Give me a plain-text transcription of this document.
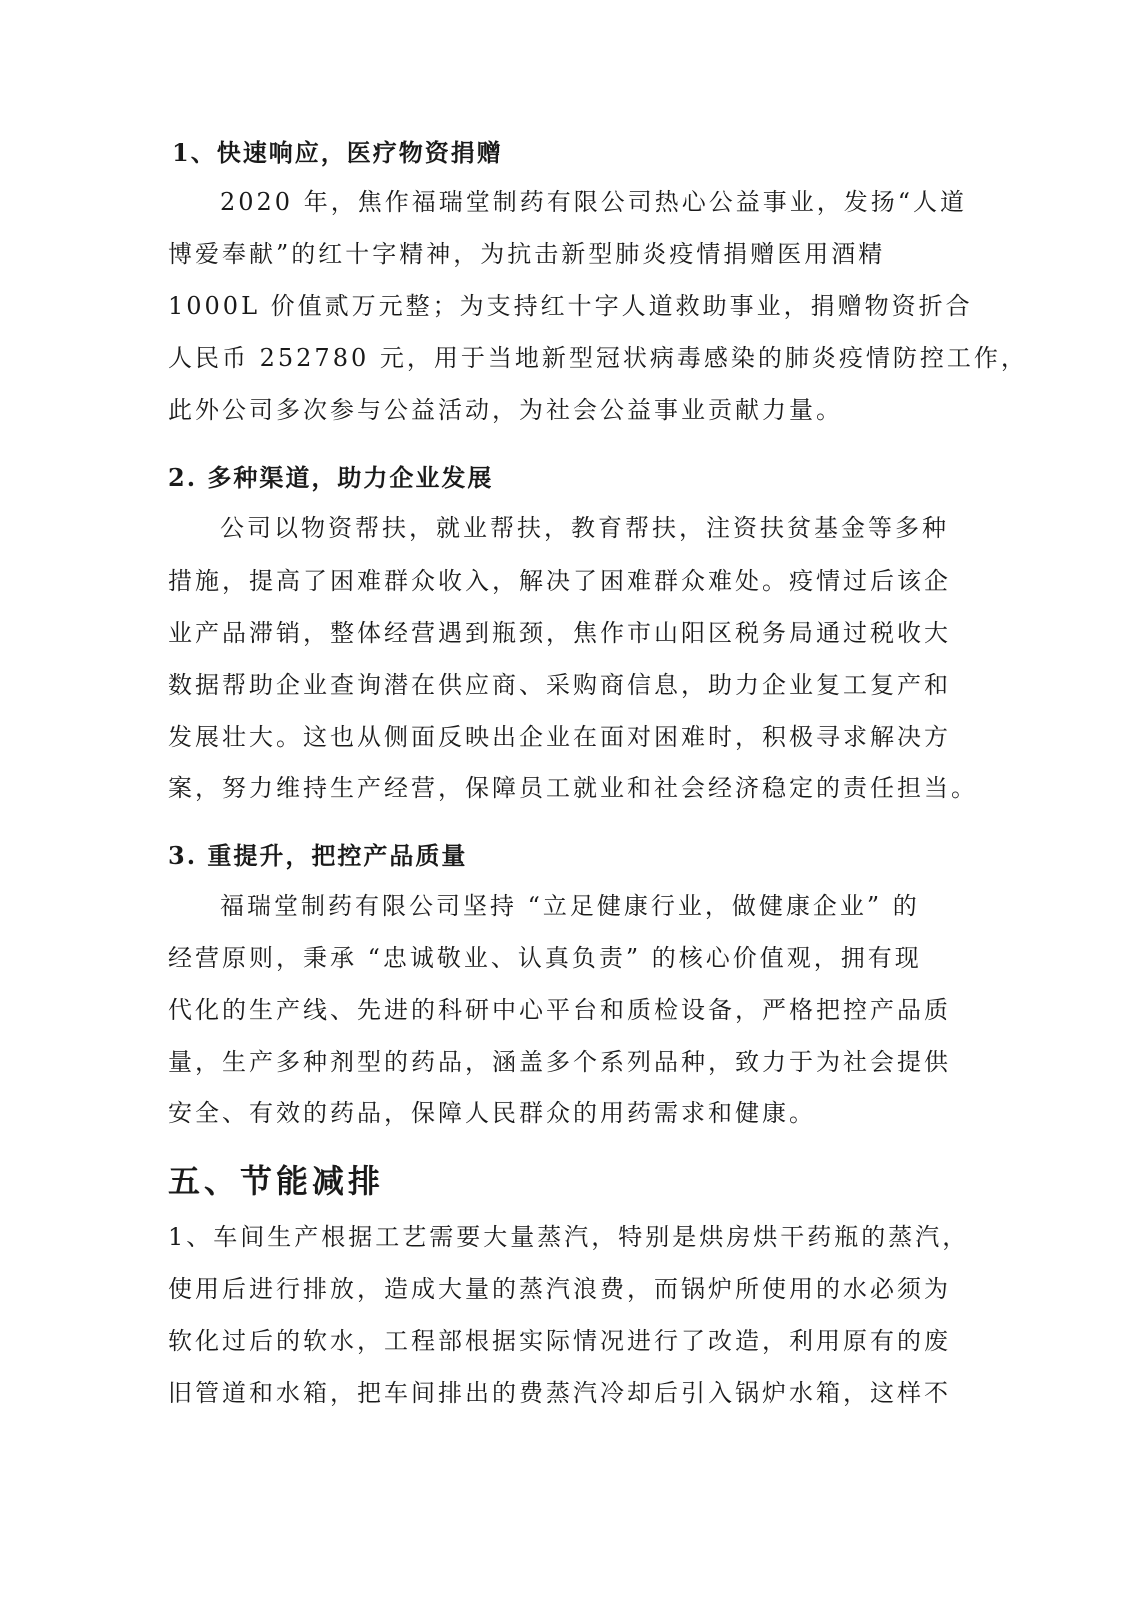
1、快速响应，医疗物资捐赠
2020 年，焦作福瑞堂制药有限公司热心公益事业，发扬“人道
博爱奉献”的红十字精神，为抗击新型肺炎疫情捐赠医用酒精
1000L 价值贰万元整；为支持红十字人道救助事业，捐赠物资折合
人民币 252780 元，用于当地新型冠状病毒感染的肺炎疫情防控工作，
此外公司多次参与公益活动，为社会公益事业贡献力量。
2. 多种渠道，助力企业发展
公司以物资帮扶，就业帮扶，教育帮扶，注资扶贫基金等多种
措施，提高了困难群众收入，解决了困难群众难处。疫情过后该企
业产品滞销，整体经营遇到瓶颈，焦作市山阳区税务局通过税收大
数据帮助企业查询潜在供应商、采购商信息，助力企业复工复产和
发展壮大。这也从侧面反映出企业在面对困难时，积极寻求解决方
案，努力维持生产经营，保障员工就业和社会经济稳定的责任担当。
3. 重提升，把控产品质量
福瑞堂制药有限公司坚持 “立足健康行业，做健康企业” 的
经营原则，秉承 “忠诚敬业、认真负责” 的核心价值观，拥有现
代化的生产线、先进的科研中心平台和质检设备，严格把控产品质
量，生产多种剂型的药品，涵盖多个系列品种，致力于为社会提供
安全、有效的药品，保障人民群众的用药需求和健康。
五、节能减排
1、车间生产根据工艺需要大量蒸汽，特别是烘房烘干药瓶的蒸汽，
使用后进行排放，造成大量的蒸汽浪费，而锅炉所使用的水必须为
软化过后的软水，工程部根据实际情况进行了改造，利用原有的废
旧管道和水箱，把车间排出的费蒸汽冷却后引入锅炉水箱，这样不
